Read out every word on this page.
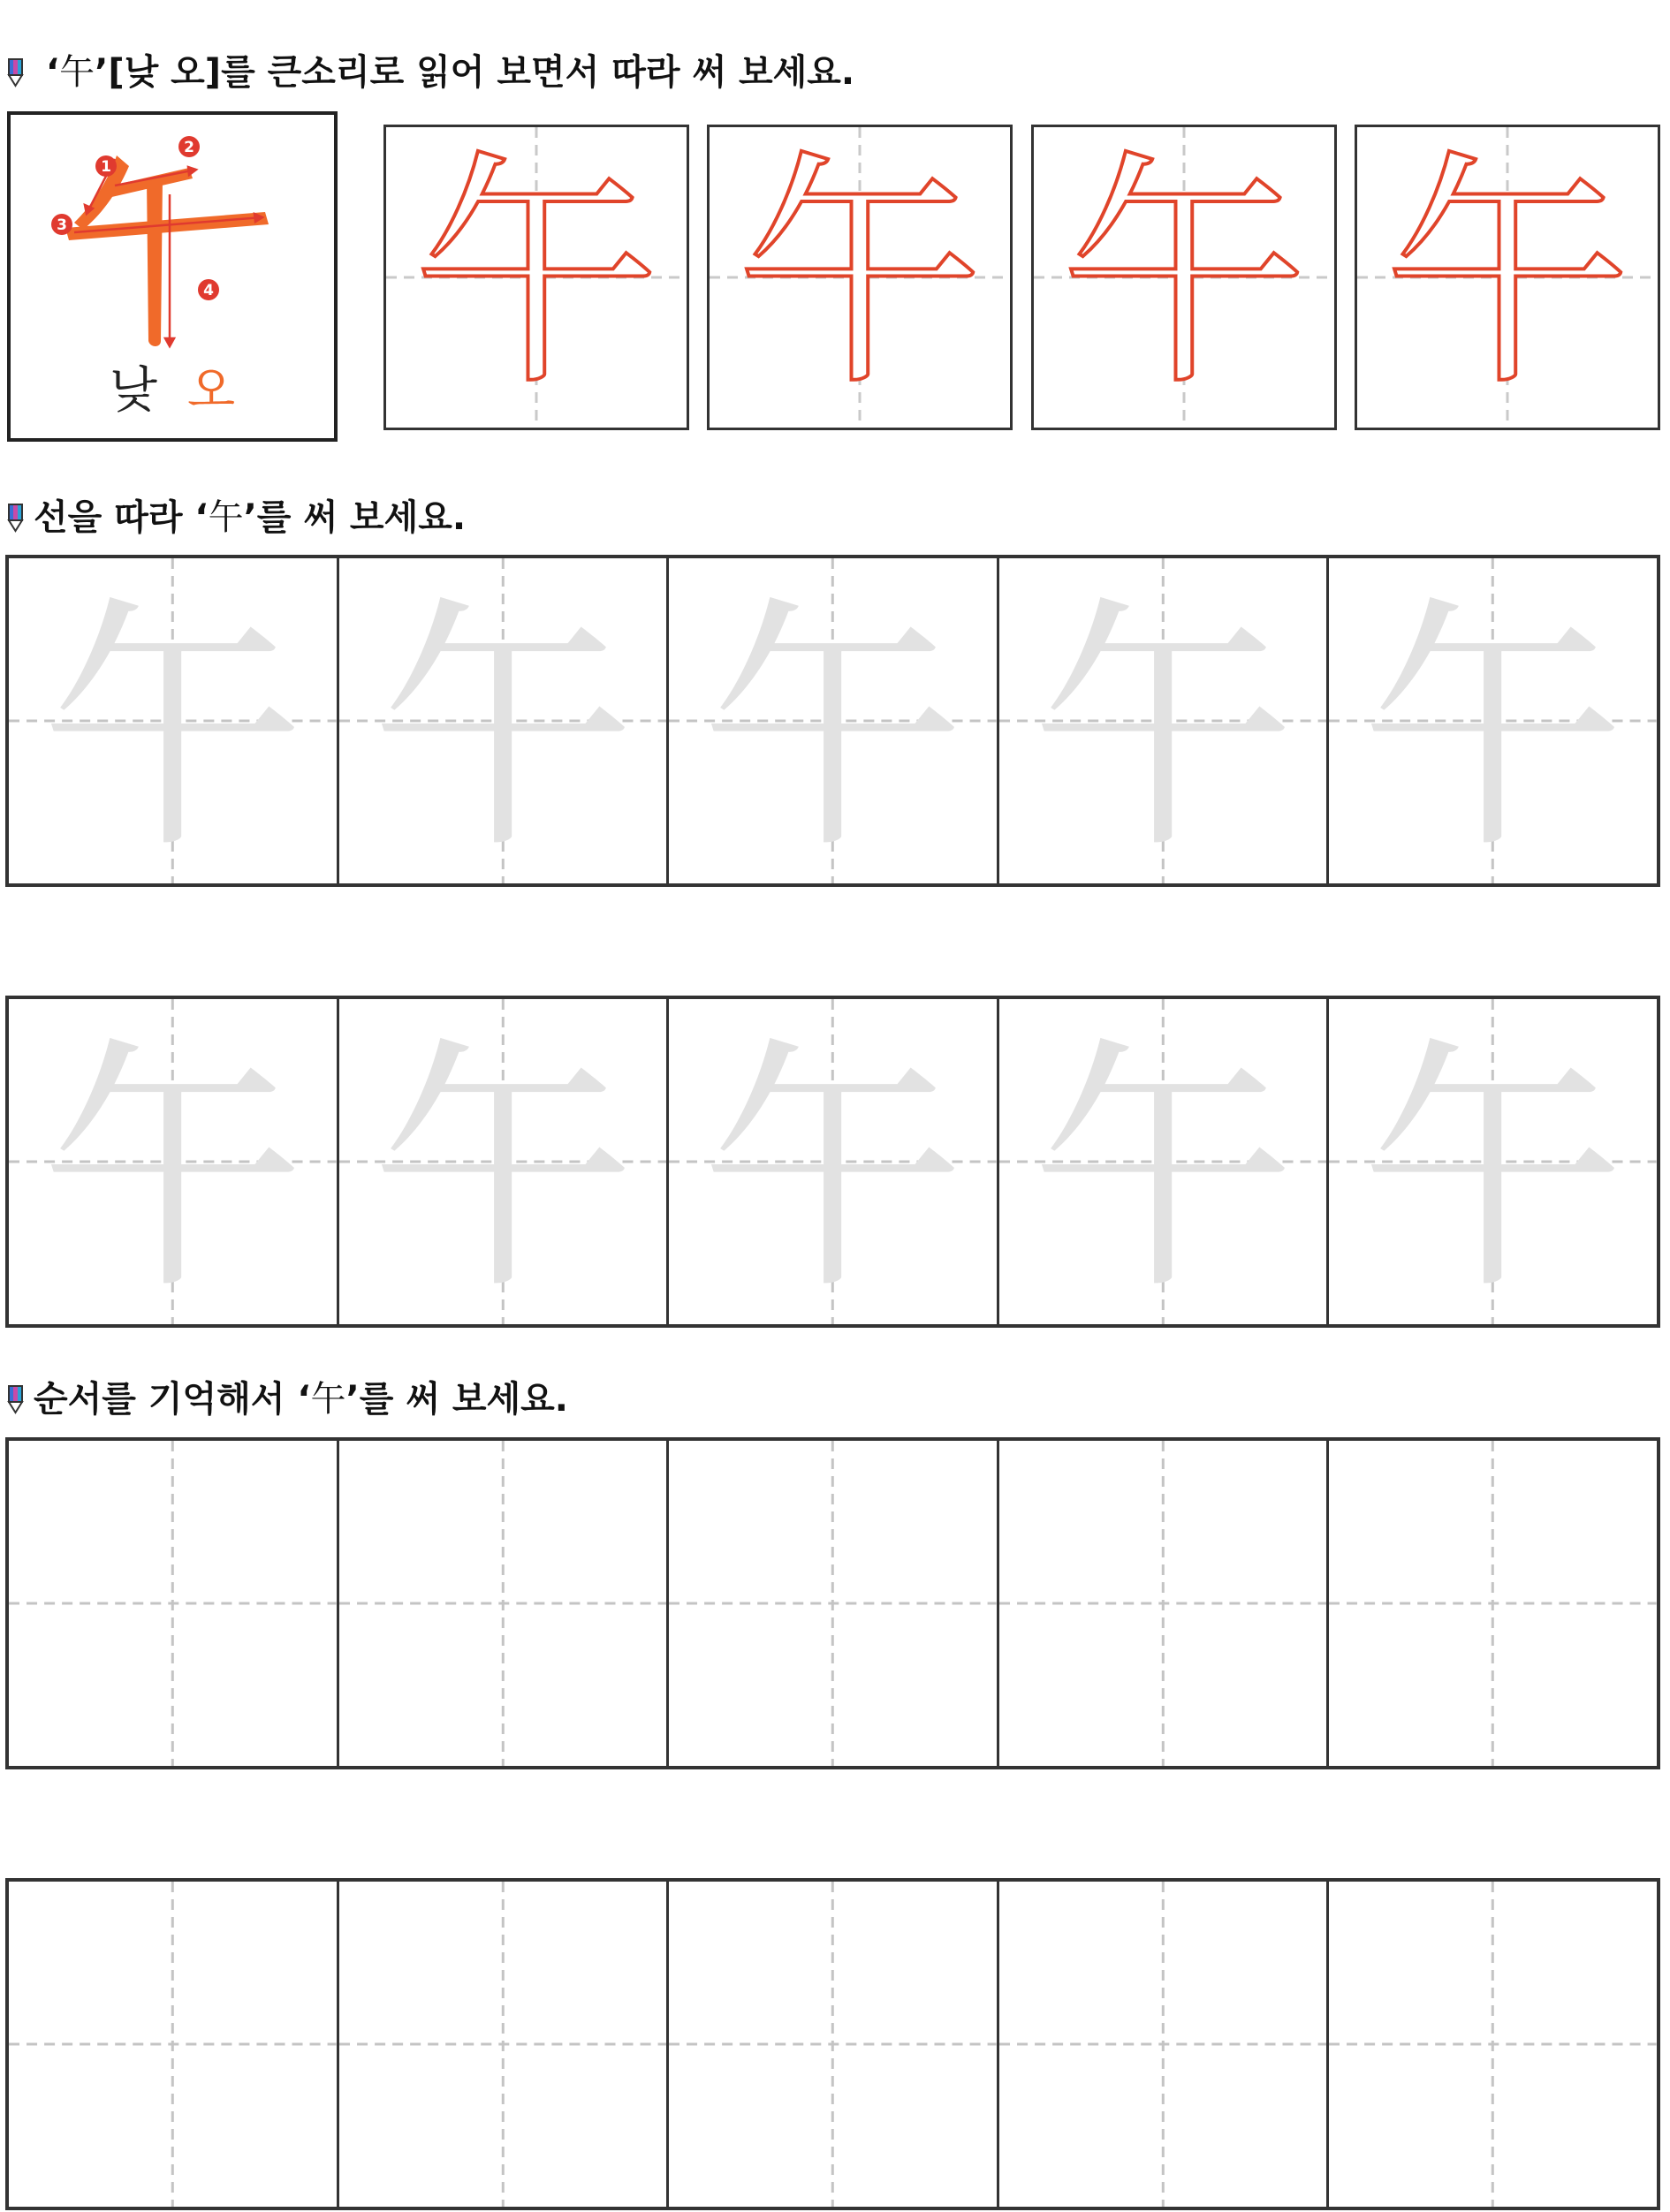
‘午’[낮 오]를 큰소리로 읽어 보면서 따라 써 보세요.
1
2
3
4
낮 오 午 午 午 午
선을 따라 ‘午’를 써 보세요.
午 午 午 午 午
午 午 午 午 午
순서를 기억해서 ‘午’를 써 보세요.
